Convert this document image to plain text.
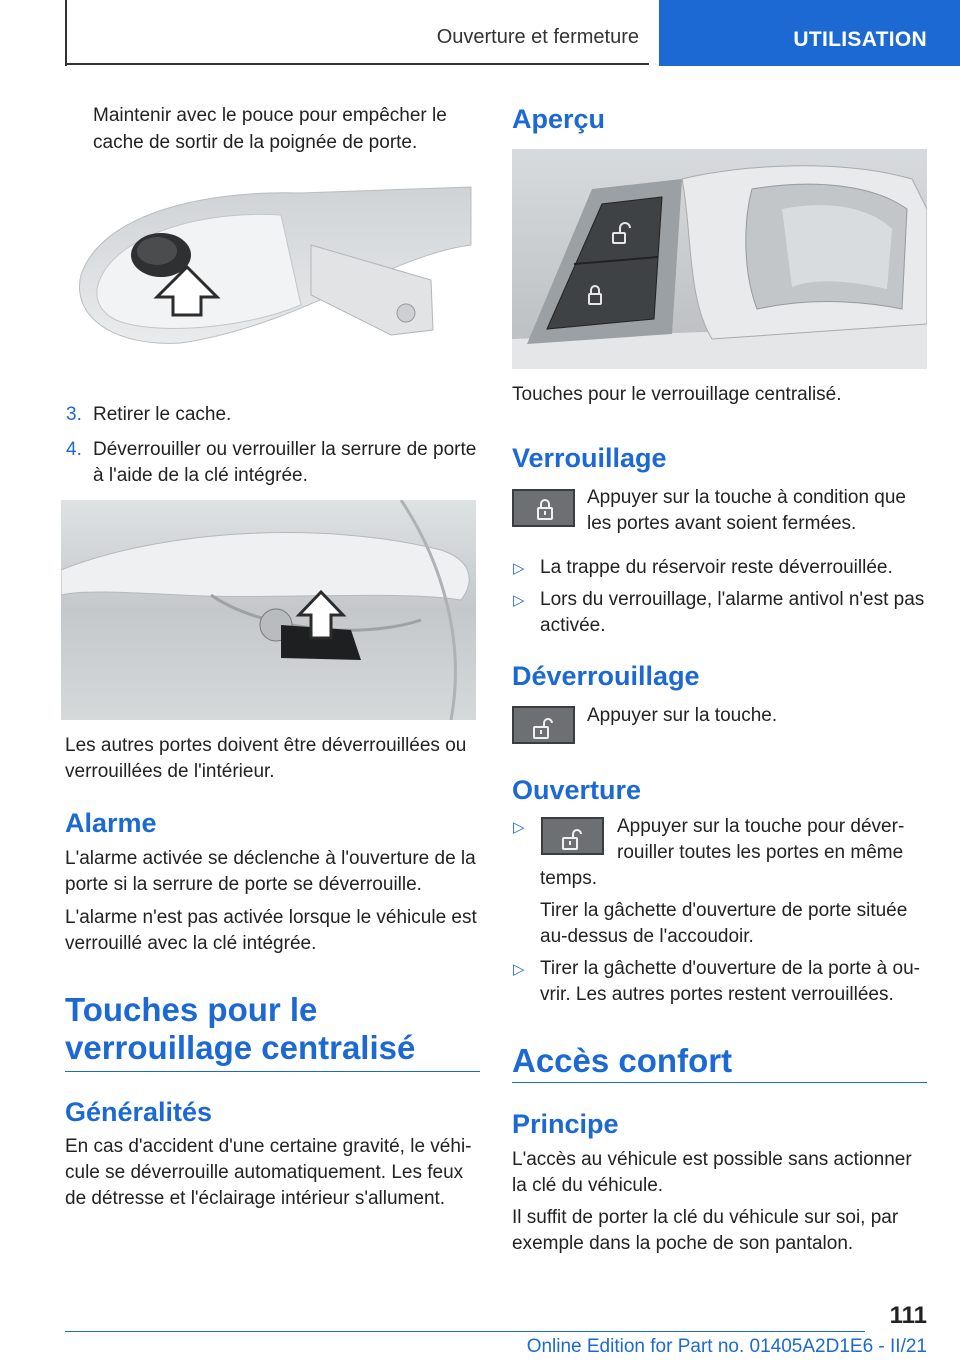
Ouverture et fermeture	UTILISATION
Maintenir avec le pouce pour empêcher le
cache de sortir de la poignée de porte.
3. Retirer le cache.
4. Déverrouiller ou verrouiller la serrure de porte
à l'aide de la clé intégrée.
Les autres portes doivent être déverrouillées ou
verrouillées de l'intérieur.
Alarme
L'alarme activée se déclenche à l'ouverture de la
porte si la serrure de porte se déverrouille.
L'alarme n'est pas activée lorsque le véhicule est
verrouillé avec la clé intégrée.
Touches pour le
verrouillage centralisé
Généralités
En cas d'accident d'une certaine gravité, le véhi-
cule se déverrouille automatiquement. Les feux
de détresse et l'éclairage intérieur s'allument.
Aperçu
Touches pour le verrouillage centralisé.
Verrouillage
Appuyer sur la touche à condition que
les portes avant soient fermées.
▷ La trappe du réservoir reste déverrouillée.
▷ Lors du verrouillage, l'alarme antivol n'est pas
activée.
Déverrouillage
Appuyer sur la touche.
Ouverture
▷	Appuyer sur la touche pour déver-
rouiller toutes les portes en même
temps.
Tirer la gâchette d'ouverture de porte située
au-dessus de l'accoudoir.
▷ Tirer la gâchette d'ouverture de la porte à ou-
vrir. Les autres portes restent verrouillées.
Accès confort
Principe
L'accès au véhicule est possible sans actionner
la clé du véhicule.
Il suffit de porter la clé du véhicule sur soi, par
exemple dans la poche de son pantalon.
111
Online Edition for Part no. 01405A2D1E6 - II/21
